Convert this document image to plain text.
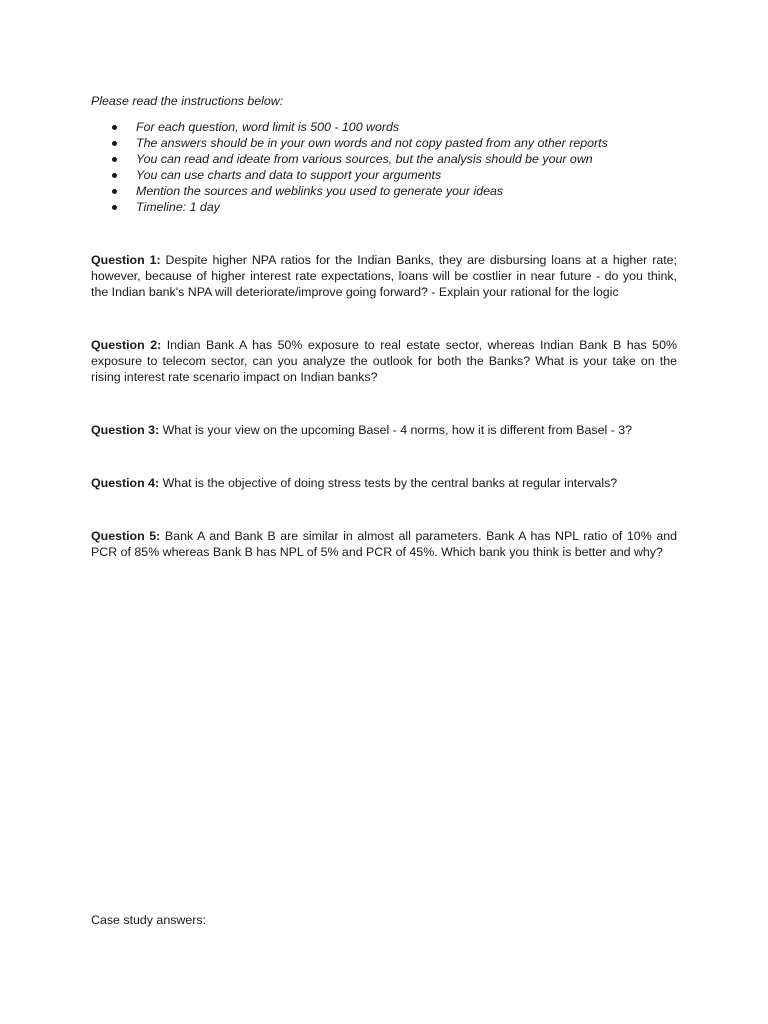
Please read the instructions below:
For each question, word limit is 500 - 100 words
The answers should be in your own words and not copy pasted from any other reports
You can read and ideate from various sources, but the analysis should be your own
You can use charts and data to support your arguments
Mention the sources and weblinks you used to generate your ideas
Timeline: 1 day
Question 1: Despite higher NPA ratios for the Indian Banks, they are disbursing loans at a higher rate; however, because of higher interest rate expectations, loans will be costlier in near future - do you think, the Indian bank's NPA will deteriorate/improve going forward? - Explain your rational for the logic
Question 2: Indian Bank A has 50% exposure to real estate sector, whereas Indian Bank B has 50% exposure to telecom sector, can you analyze the outlook for both the Banks? What is your take on the rising interest rate scenario impact on Indian banks?
Question 3: What is your view on the upcoming Basel - 4 norms, how it is different from Basel - 3?
Question 4: What is the objective of doing stress tests by the central banks at regular intervals?
Question 5: Bank A and Bank B are similar in almost all parameters. Bank A has NPL ratio of 10% and PCR of 85% whereas Bank B has NPL of 5% and PCR of 45%. Which bank you think is better and why?
Case study answers:
